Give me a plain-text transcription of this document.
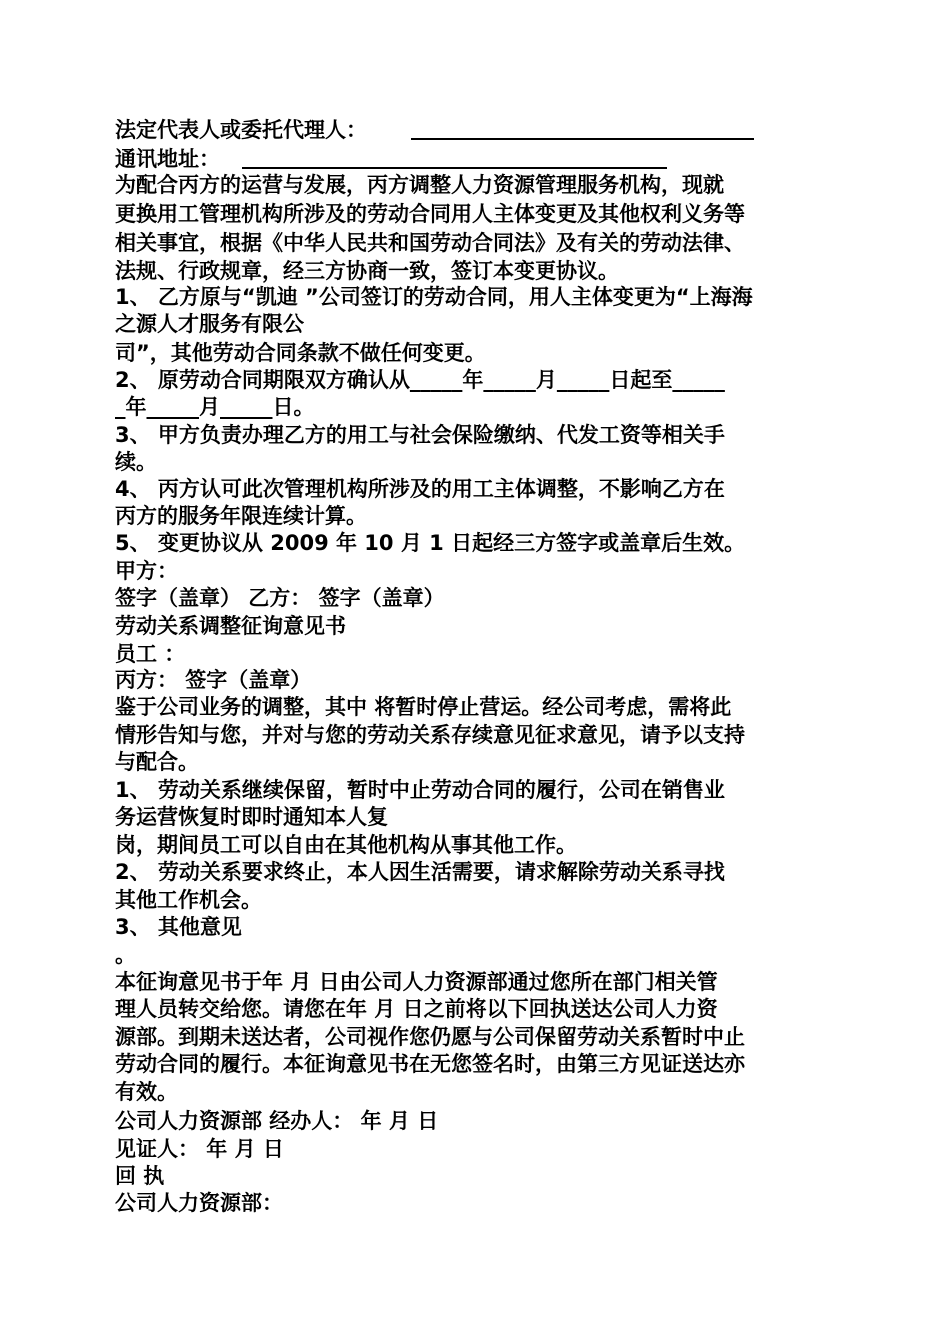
法定代表人或委托代理人：
通讯地址：
为配合丙方的运营与发展，丙方调整人力资源管理服务机构，现就
更换用工管理机构所涉及的劳动合同用人主体变更及其他权利义务等
相关事宜，根据《中华人民共和国劳动合同法》及有关的劳动法律、
法规、行政规章，经三方协商一致，签订本变更协议。
1、 乙方原与“凯迪 ”公司签订的劳动合同，用人主体变更为“上海海
之源人才服务有限公
司”，其他劳动合同条款不做任何变更。
2、 原劳动合同期限双方确认从_____年_____月_____日起至_____
_年_____月_____日。
3、 甲方负责办理乙方的用工与社会保险缴纳、代发工资等相关手
续。
4、 丙方认可此次管理机构所涉及的用工主体调整，不影响乙方在
丙方的服务年限连续计算。
5、 变更协议从 2009 年 10 月 1 日起经三方签字或盖章后生效。
甲方：
签字（盖章） 乙方： 签字（盖章）
劳动关系调整征询意见书
员工 ：
丙方： 签字（盖章）
鉴于公司业务的调整，其中 将暂时停止营运。经公司考虑，需将此
情形告知与您，并对与您的劳动关系存续意见征求意见，请予以支持
与配合。
1、 劳动关系继续保留，暂时中止劳动合同的履行，公司在销售业
务运营恢复时即时通知本人复
岗，期间员工可以自由在其他机构从事其他工作。
2、 劳动关系要求终止，本人因生活需要，请求解除劳动关系寻找
其他工作机会。
3、 其他意见
。
本征询意见书于年 月 日由公司人力资源部通过您所在部门相关管
理人员转交给您。请您在年 月 日之前将以下回执送达公司人力资
源部。到期未送达者，公司视作您仍愿与公司保留劳动关系暂时中止
劳动合同的履行。本征询意见书在无您签名时，由第三方见证送达亦
有效。
公司人力资源部 经办人： 年 月 日
见证人： 年 月 日
回 执
公司人力资源部：
